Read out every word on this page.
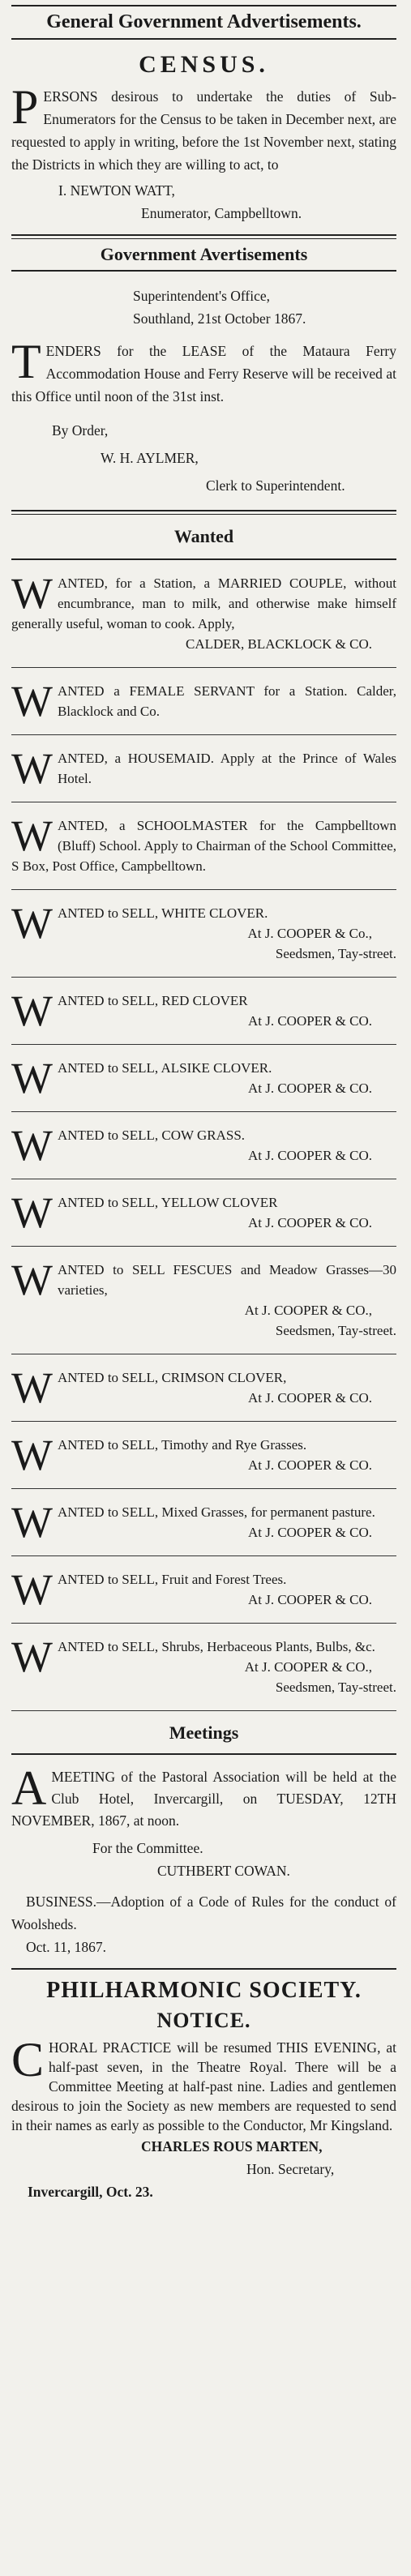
General Government Advertisements.
CENSUS.

PERSONS desirous to undertake the duties of Sub-Enumerators for the Census to be taken in December next, are requested to apply in writing, before the 1st November next, stating the Districts in which they are willing to act, to

I. NEWTON WATT,
Enumerator, Campbelltown.
Government Avertisements
Superintendent's Office,
Southland, 21st October 1867.

TENDERS for the LEASE of the Mataura Ferry Accommodation House and Ferry Reserve will be received at this Office until noon of the 31st inst.

By Order,
W. H. AYLMER,
Clerk to Superintendent.
Wanted

WANTED, for a Station, a MARRIED COUPLE, without encumbrance, man to milk, and otherwise make himself generally useful, woman to cook. Apply,

CALDER, BLACKLOCK & CO.

WANTED a FEMALE SERVANT for a Station. Calder, Blacklock and Co.

WANTED, a HOUSEMAID. Apply at the Prince of Wales Hotel.

WANTED, a SCHOOLMASTER for the Campbelltown (Bluff) School. Apply to Chairman of the School Committee, S Box, Post Office, Campbelltown.

WANTED to SELL, WHITE CLOVER.

At J. COOPER & Co.,
Seedsmen, Tay-street.

WANTED to SELL, RED CLOVER

At J. COOPER & CO.

WANTED to SELL, ALSIKE CLOVER.

At J. COOPER & CO.

WANTED to SELL, COW GRASS.

At J. COOPER & CO.

WANTED to SELL, YELLOW CLOVER

At J. COOPER & CO.

WANTED to SELL FESCUES and Meadow Grasses—30 varieties,

At J. COOPER & CO.,
Seedsmen, Tay-street.

WANTED to SELL, CRIMSON CLOVER,

At J. COOPER & CO.

WANTED to SELL, Timothy and Rye Grasses.

At J. COOPER & CO.

WANTED to SELL, Mixed Grasses, for permanent pasture.

At J. COOPER & CO.

WANTED to SELL, Fruit and Forest Trees.

At J. COOPER & CO.

WANTED to SELL, Shrubs, Herbaceous Plants, Bulbs, &c.

At J. COOPER & CO.,
Seedsmen, Tay-street.
Meetings

AMEETING of the Pastoral Association will be held at the Club Hotel, Invercargill, on TUESDAY, 12TH NOVEMBER, 1867, at noon.

For the Committee.
CUTHBERT COWAN.

BUSINESS.—Adoption of a Code of Rules for the conduct of Woolsheds.

Oct. 11, 1867.
PHILHARMONIC SOCIETY.
NOTICE.

CHORAL PRACTICE will be resumed THIS EVENING, at half-past seven, in the Theatre Royal. There will be a Committee Meeting at half-past nine. Ladies and gentlemen desirous to join the Society as new members are requested to send in their names as early as possible to the Conductor, Mr Kingsland.

CHARLES ROUS MARTEN,
Hon. Secretary,
Invercargill, Oct. 23.
